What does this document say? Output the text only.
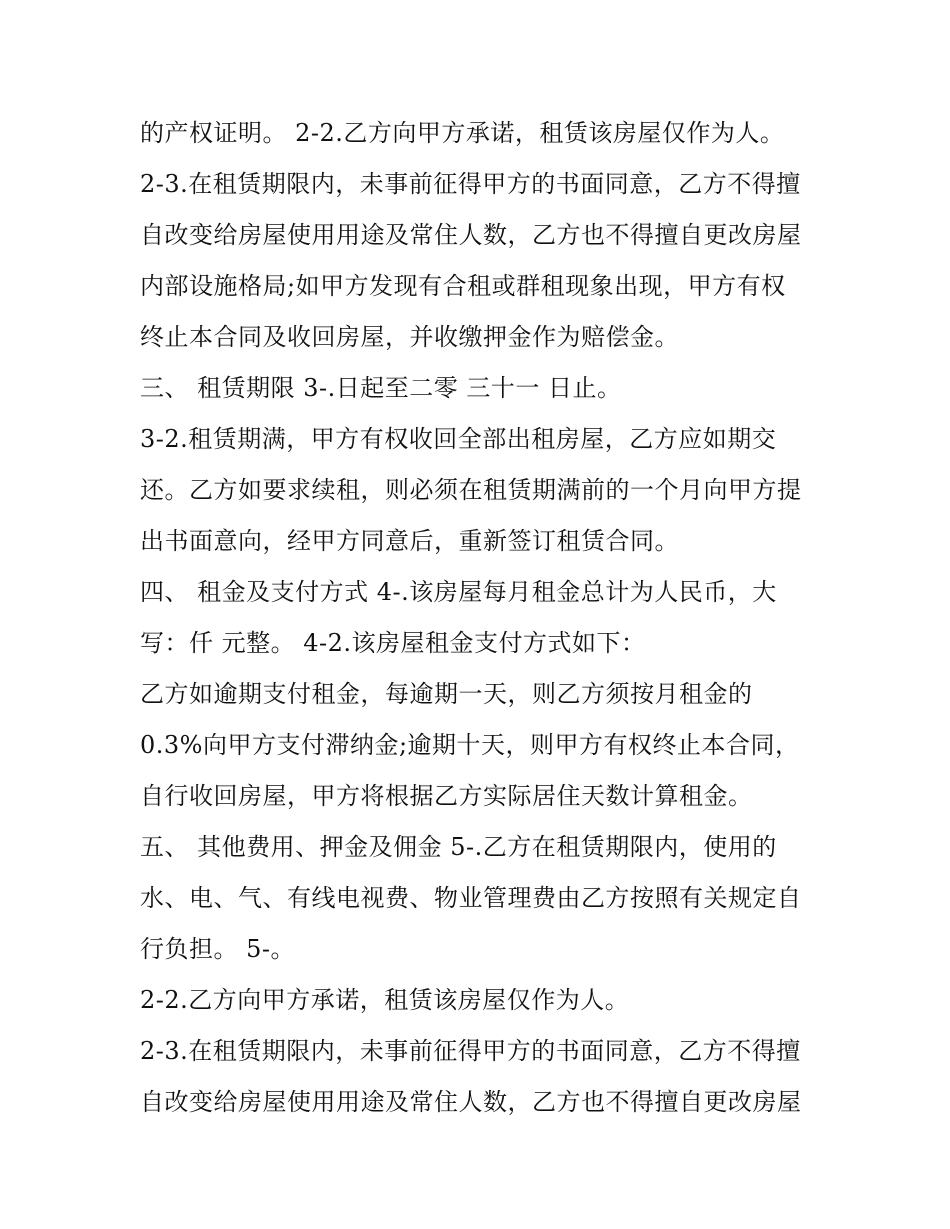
的产权证明。 2-2.乙方向甲方承诺，租赁该房屋仅作为人。
2-3.在租赁期限内，未事前征得甲方的书面同意，乙方不得擅
自改变给房屋使用用途及常住人数，乙方也不得擅自更改房屋
内部设施格局;如甲方发现有合租或群租现象出现，甲方有权
终止本合同及收回房屋，并收缴押金作为赔偿金。
三、 租赁期限 3-.日起至二零 三十一 日止。
3-2.租赁期满，甲方有权收回全部出租房屋，乙方应如期交
还。乙方如要求续租，则必须在租赁期满前的一个月向甲方提
出书面意向，经甲方同意后，重新签订租赁合同。
四、 租金及支付方式 4-.该房屋每月租金总计为人民币，大
写：仟 元整。 4-2.该房屋租金支付方式如下：
乙方如逾期支付租金，每逾期一天，则乙方须按月租金的
0.3%向甲方支付滞纳金;逾期十天，则甲方有权终止本合同，
自行收回房屋，甲方将根据乙方实际居住天数计算租金。
五、 其他费用、押金及佣金 5-.乙方在租赁期限内，使用的
水、电、气、有线电视费、物业管理费由乙方按照有关规定自
行负担。 5-。
2-2.乙方向甲方承诺，租赁该房屋仅作为人。
2-3.在租赁期限内，未事前征得甲方的书面同意，乙方不得擅
自改变给房屋使用用途及常住人数，乙方也不得擅自更改房屋
